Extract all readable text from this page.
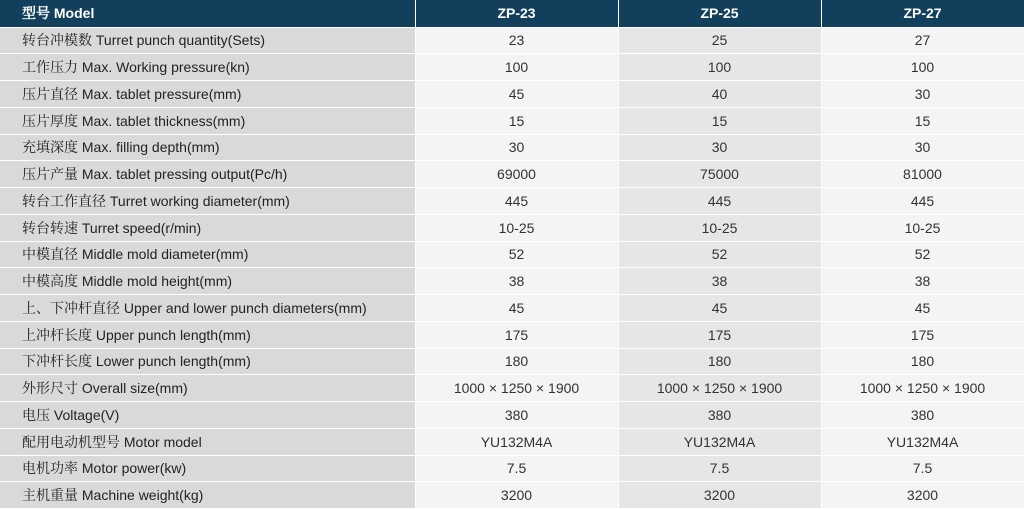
型号 Model	ZP-23	ZP-25	ZP-27
转台冲模数 Turret punch quantity(Sets)	23	25	27
工作压力 Max. Working pressure(kn)	100	100	100
压片直径 Max. tablet pressure(mm)	45	40	30
压片厚度 Max. tablet thickness(mm)	15	15	15
充填深度 Max. filling depth(mm)	30	30	30
压片产量 Max. tablet pressing output(Pc/h)	69000	75000	81000
转台工作直径 Turret working diameter(mm)	445	445	445
转台转速 Turret speed(r/min)	10-25	10-25	10-25
中模直径 Middle mold diameter(mm)	52	52	52
中模高度 Middle mold height(mm)	38	38	38
上、下冲杆直径 Upper and lower punch diameters(mm)	45	45	45
上冲杆长度 Upper punch length(mm)	175	175	175
下冲杆长度 Lower punch length(mm)	180	180	180
外形尺寸 Overall size(mm)	1000 × 1250 × 1900	1000 × 1250 × 1900	1000 × 1250 × 1900
电压 Voltage(V)	380	380	380
配用电动机型号 Motor model	YU132M4A	YU132M4A	YU132M4A
电机功率 Motor power(kw)	7.5	7.5	7.5
主机重量 Machine weight(kg)	3200	3200	3200
